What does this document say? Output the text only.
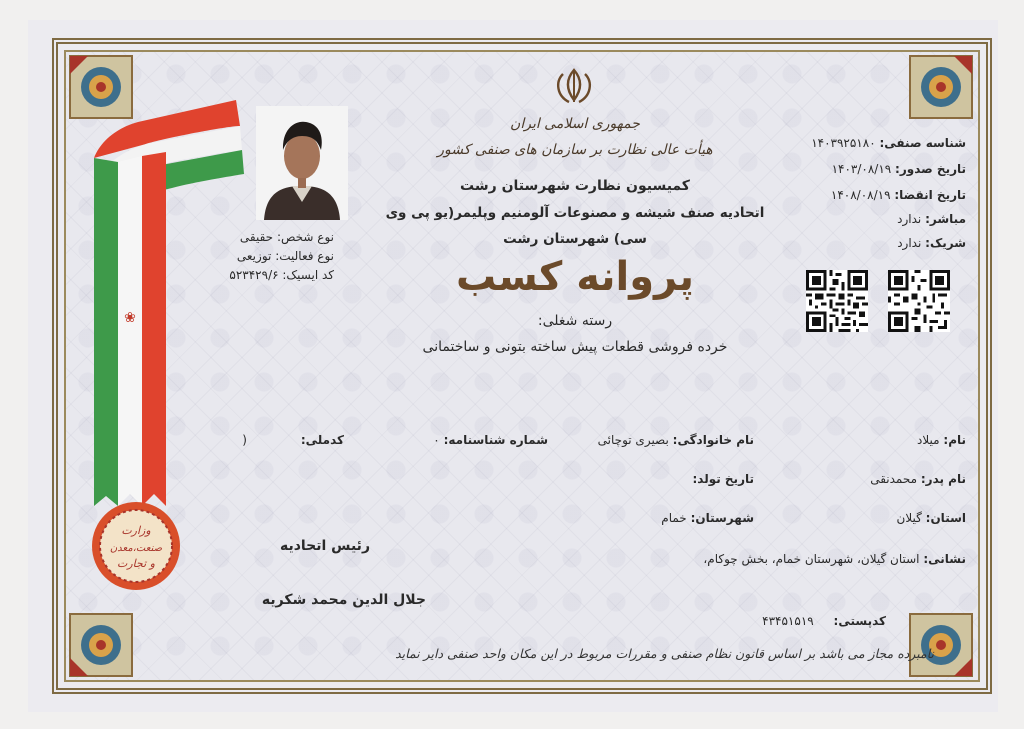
❀
وزارت
صنعت،معدن
و تجارت
جمهوری اسلامی ایران
هیأت عالی نظارت بر سازمان های صنفی کشور
کمیسیون نظارت شهرستان رشت
اتحادیه صنف شیشه و مصنوعات آلومنیم وپلیمر(یو پی وی
سی) شهرستان رشت
پروانه کسب
رسته شغلی:
خرده فروشی قطعات پیش ساخته بتونی و ساختمانی
شناسه صنفی: ۱۴۰۳۹۲۵۱۸۰
تاریخ صدور: ۱۴۰۳/۰۸/۱۹
تاریخ انقضا: ۱۴۰۸/۰۸/۱۹
مباشر: ندارد
شریک: ندارد
نوع شخص: حقیقی
نوع فعالیت: توزیعی
کد ایسیک: ۵۲۳۴۲۹/۶
نام: میلاد
نام خانوادگی: بصیری توچائی
شماره شناسنامه: ۰
کدملی: (
نام پدر: محمدنقی
تاریخ تولد:
استان: گیلان
شهرستان: خمام
نشانی: استان گیلان، شهرستان خمام، بخش چوکام،
کدپستی: ۴۳۴۵۱۵۱۹
رئیس اتحادیه
جلال الدین محمد شکریه
نامبرده مجاز می باشد بر اساس قانون نظام صنفی و مقررات مربوط در این مکان واحد صنفی دایر نماید
